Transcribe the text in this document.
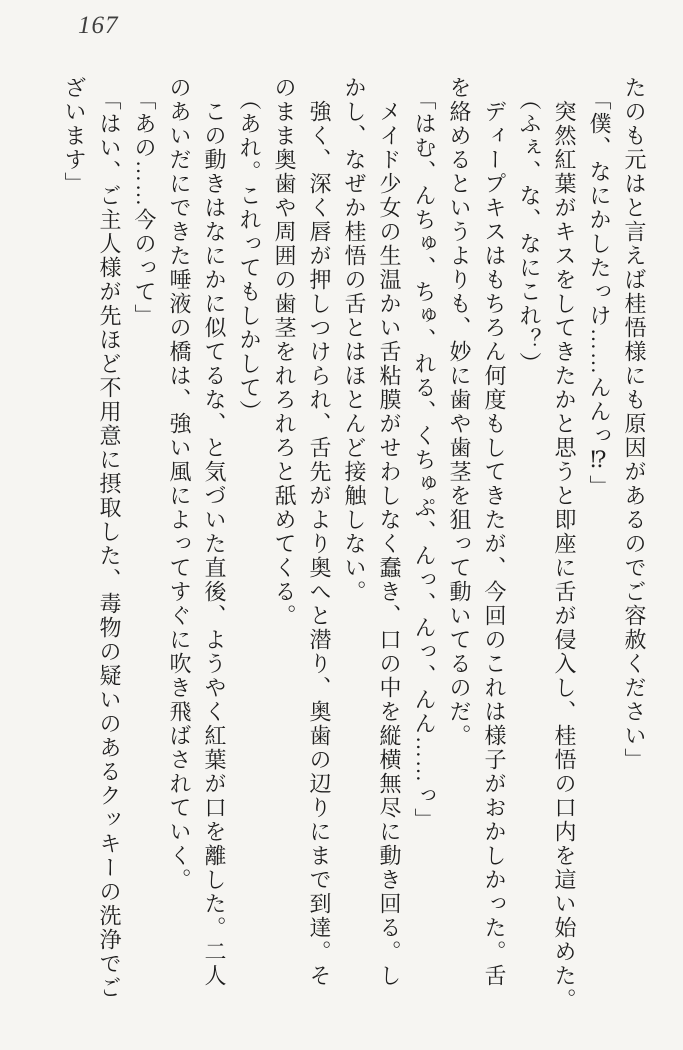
167
たのも元はと言えば桂悟様にも原因があるのでご容赦ください」
「僕、なにかしたっけ……んんっ⁉」
突然紅葉がキスをしてきたかと思うと即座に舌が侵入し、桂悟の口内を這い始めた。
（ふぇ、な、なにこれ？）
ディープキスはもちろん何度もしてきたが、今回のこれは様子がおかしかった。舌
を絡めるというよりも、妙に歯や歯茎を狙って動いてるのだ。
「はむ、んちゅ、ちゅ、れる、くちゅぷ、んっ、んっ、んん……っ」
メイド少女の生温かい舌粘膜がせわしなく蠢き、口の中を縦横無尽に動き回る。し
かし、なぜか桂悟の舌とはほとんど接触しない。
強く、深く唇が押しつけられ、舌先がより奥へと潜り、奥歯の辺りにまで到達。そ
のまま奥歯や周囲の歯茎をれろれろと舐めてくる。
（あれ。これってもしかして）
この動きはなにかに似てるな、と気づいた直後、ようやく紅葉が口を離した。二人
のあいだにできた唾液の橋は、強い風によってすぐに吹き飛ばされていく。
「あの……今のって」
「はい、ご主人様が先ほど不用意に摂取した、毒物の疑いのあるクッキーの洗浄でご
ざいます」
